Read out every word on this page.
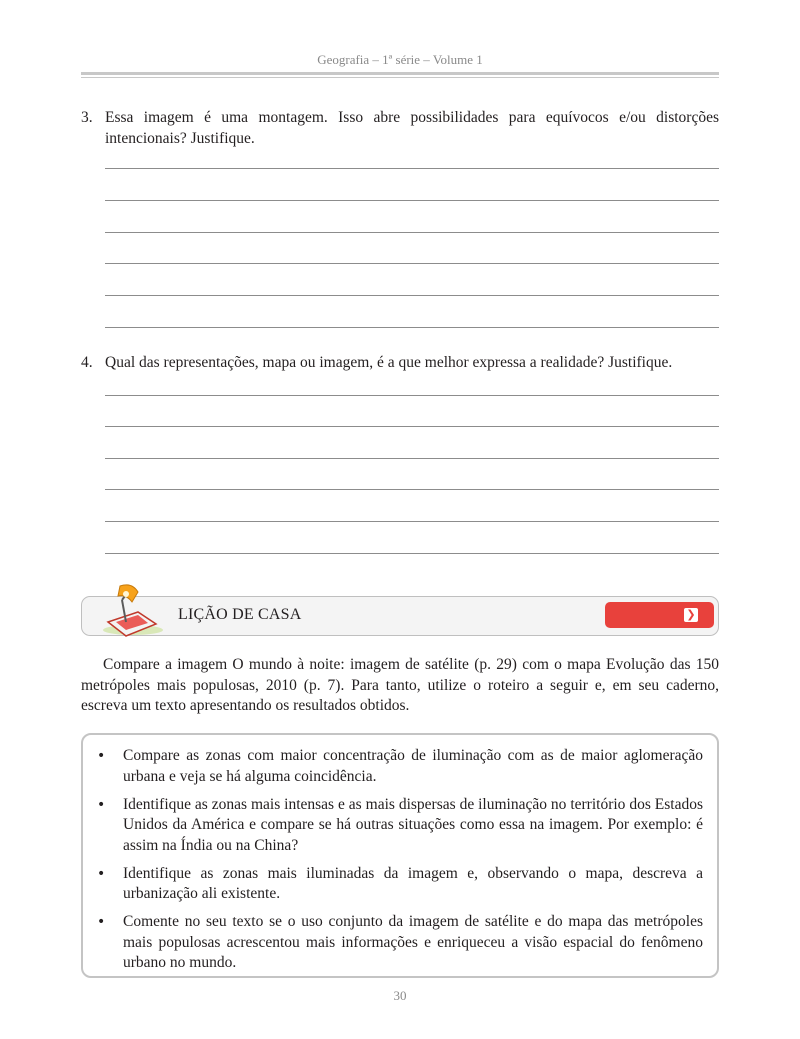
Geografia – 1ª série – Volume 1
3. Essa imagem é uma montagem. Isso abre possibilidades para equívocos e/ou distorções intencionais? Justifique.
4. Qual das representações, mapa ou imagem, é a que melhor expressa a realidade? Justifique.
LIÇÃO DE CASA	❯
Compare a imagem O mundo à noite: imagem de satélite (p. 29) com o mapa Evolução das 150 metrópoles mais populosas, 2010 (p. 7). Para tanto, utilize o roteiro a seguir e, em seu caderno, escreva um texto apresentando os resultados obtidos.
• Compare as zonas com maior concentração de iluminação com as de maior aglomeração urbana e veja se há alguma coincidência.
• Identifique as zonas mais intensas e as mais dispersas de iluminação no território dos Estados Unidos da América e compare se há outras situações como essa na imagem. Por exemplo: é assim na Índia ou na China?
• Identifique as zonas mais iluminadas da imagem e, observando o mapa, descreva a urbanização ali existente.
• Comente no seu texto se o uso conjunto da imagem de satélite e do mapa das metrópoles mais populosas acrescentou mais informações e enriqueceu a visão espacial do fenômeno urbano no mundo.
30
